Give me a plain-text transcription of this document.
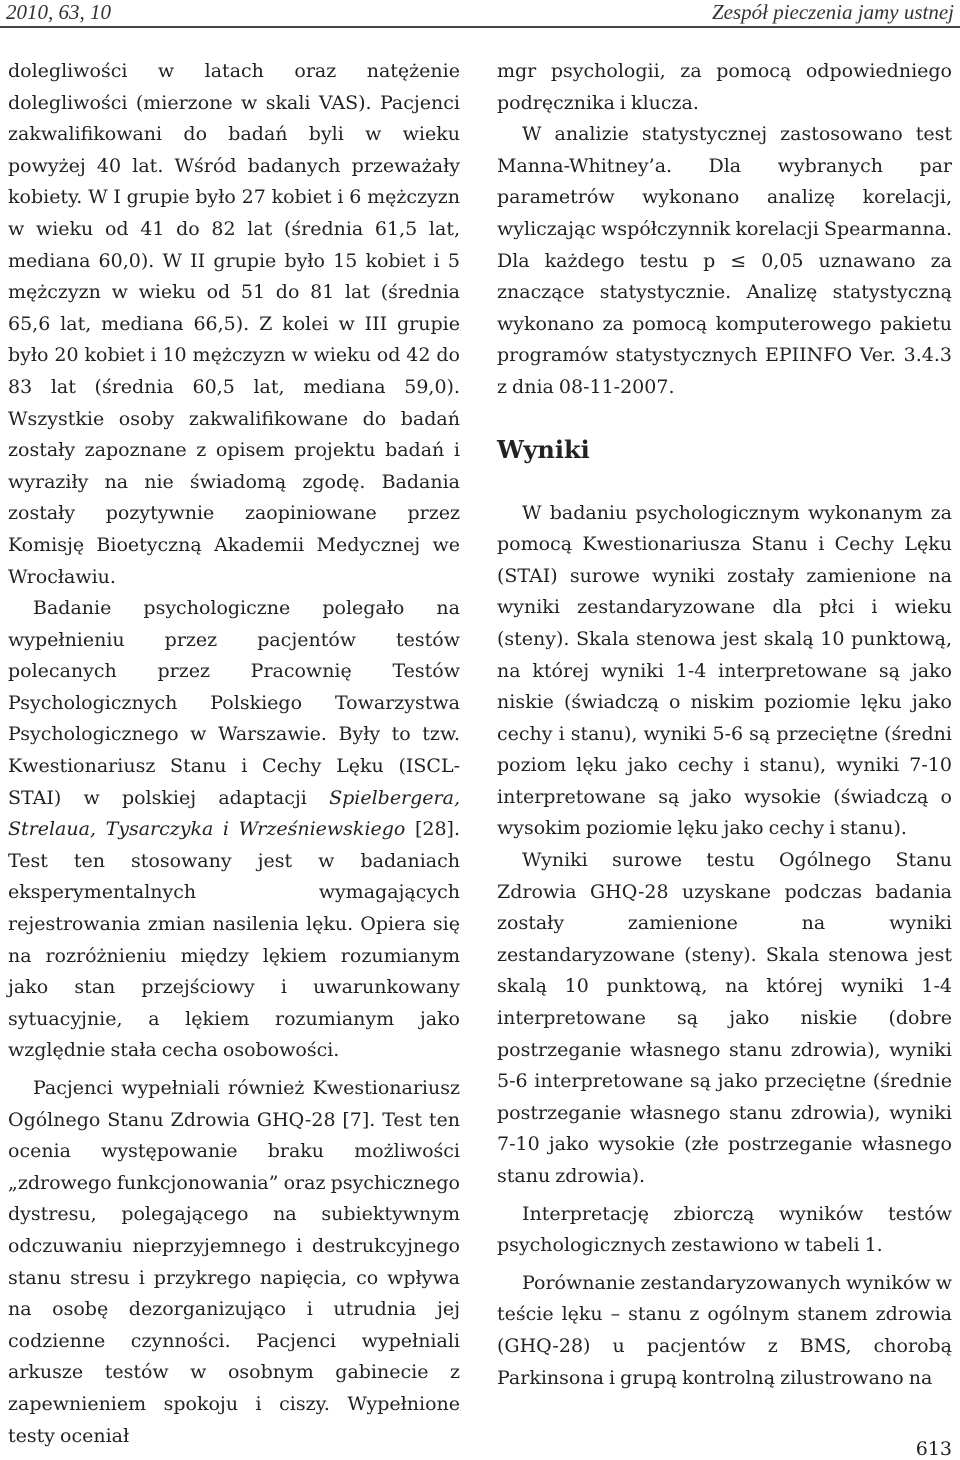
2010, 63, 10	Zespół pieczenia jamy ustnej

dolegliwości w latach oraz natężenie dolegliwości (mierzone w skali VAS). Pacjenci zakwalifikowani do badań byli w wieku powyżej 40 lat. Wśród badanych przeważały kobiety. W I grupie było 27 kobiet i 6 mężczyzn w wieku od 41 do 82 lat (średnia 61,5 lat, mediana 60,0). W II grupie było 15 kobiet i 5 mężczyzn w wieku od 51 do 81 lat (średnia 65,6 lat, mediana 66,5). Z kolei w III grupie było 20 kobiet i 10 mężczyzn w wieku od 42 do 83 lat (średnia 60,5 lat, mediana 59,0). Wszystkie osoby zakwalifikowane do badań zostały zapoznane z opisem projektu badań i wyraziły na nie świadomą zgodę. Badania zostały pozytywnie zaopiniowane przez Komisję Bioetyczną Akademii Medycznej we Wrocławiu.

Badanie psychologiczne polegało na wypełnieniu przez pacjentów testów polecanych przez Pracownię Testów Psychologicznych Polskiego Towarzystwa Psychologicznego w Warszawie. Były to tzw. Kwestionariusz Stanu i Cechy Lęku (ISCL-STAI) w polskiej adaptacji Spielbergera, Strelaua, Tysarczyka i Wrześniewskiego [28]. Test ten stosowany jest w badaniach eksperymentalnych wymagających rejestrowania zmian nasilenia lęku. Opiera się na rozróżnieniu między lękiem rozumianym jako stan przejściowy i uwarunkowany sytuacyjnie, a lękiem rozumianym jako względnie stała cecha osobowości.

Pacjenci wypełniali również Kwestionariusz Ogólnego Stanu Zdrowia GHQ-28 [7]. Test ten ocenia występowanie braku możliwości „zdrowego funkcjonowania” oraz psychicznego dystresu, polegającego na subiektywnym odczuwaniu nieprzyjemnego i destrukcyjnego stanu stresu i przykrego napięcia, co wpływa na osobę dezorganizująco i utrudnia jej codzienne czynności. Pacjenci wypełniali arkusze testów w osobnym gabinecie z zapewnieniem spokoju i ciszy. Wypełnione testy oceniał

mgr psychologii, za pomocą odpowiedniego podręcznika i klucza.

W analizie statystycznej zastosowano test Manna-Whitney’a. Dla wybranych par parametrów wykonano analizę korelacji, wyliczając współczynnik korelacji Spearmanna. Dla każdego testu p ≤ 0,05 uznawano za znaczące statystycznie. Analizę statystyczną wykonano za pomocą komputerowego pakietu programów statystycznych EPIINFO Ver. 3.4.3 z dnia 08-11-2007.

Wyniki

W badaniu psychologicznym wykonanym za pomocą Kwestionariusza Stanu i Cechy Lęku (STAI) surowe wyniki zostały zamienione na wyniki zestandaryzowane dla płci i wieku (steny). Skala stenowa jest skalą 10 punktową, na której wyniki 1-4 interpretowane są jako niskie (świadczą o niskim poziomie lęku jako cechy i stanu), wyniki 5-6 są przeciętne (średni poziom lęku jako cechy i stanu), wyniki 7-10 interpretowane są jako wysokie (świadczą o wysokim poziomie lęku jako cechy i stanu).

Wyniki surowe testu Ogólnego Stanu Zdrowia GHQ-28 uzyskane podczas badania zostały zamienione na wyniki zestandaryzowane (steny). Skala stenowa jest skalą 10 punktową, na której wyniki 1-4 interpretowane są jako niskie (dobre postrzeganie własnego stanu zdrowia), wyniki 5-6 interpretowane są jako przeciętne (średnie postrzeganie własnego stanu zdrowia), wyniki 7-10 jako wysokie (złe postrzeganie własnego stanu zdrowia).

Interpretację zbiorczą wyników testów psychologicznych zestawiono w tabeli 1.

Porównanie zestandaryzowanych wyników w teście lęku – stanu z ogólnym stanem zdrowia (GHQ-28) u pacjentów z BMS, chorobą Parkinsona i grupą kontrolną zilustrowano na

613
